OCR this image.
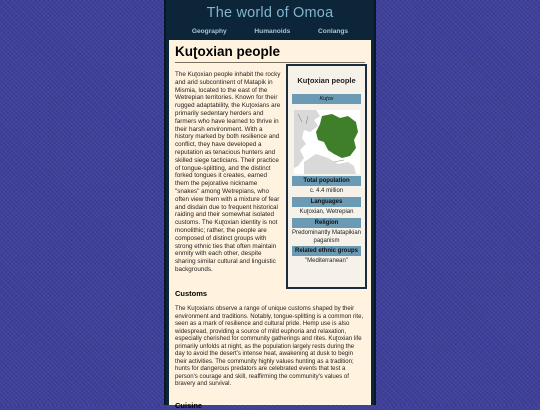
The world of Omoa
Geography	Humanoids	Conlangs
Kuʈoxian people

The Kuʈoxian people inhabit the rocky and arid subcontinent of Matapik in Mismia, located to the east of the Wetrepian territories. Known for their rugged adaptability, the Kuʈoxians are primarily sedentary herders and farmers who have learned to thrive in their harsh environment. With a history marked by both resilience and conflict, they have developed a reputation as tenacious hunters and skilled siege tacticians. Their practice of tongue-splitting, and the distinct forked tongues it creates, earned them the pejorative nickname "snakes" among Wetrepians, who often view them with a mixture of fear and disdain due to frequent historical raiding and their somewhat isolated customs. The Kuʈoxian identity is not monolithic; rather, the people are composed of distinct groups with strong ethnic ties that often maintain enmity with each other, despite sharing similar cultural and linguistic backgrounds.

Kuʈoxian people
Kuʈox
Total population
c. 4.4 million
Languages
Kuʈoxian, Wetrepian
Religion
Predominantly Matapikian paganism
Related ethnic groups
"Mediterranean"
Customs

The Kuʈoxians observe a range of unique customs shaped by their environment and traditions. Notably, tongue-splitting is a common rite, seen as a mark of resilience and cultural pride. Hemp use is also widespread, providing a source of mild euphoria and relaxation, especially cherished for community gatherings and rites. Kuʈoxian life primarily unfolds at night, as the population largely rests during the day to avoid the desert's intense heat, awakening at dusk to begin their activities. The community highly values hunting as a tradition; hunts for dangerous predators are celebrated events that test a person's courage and skill, reaffirming the community's values of bravery and survival.

Cuisine
